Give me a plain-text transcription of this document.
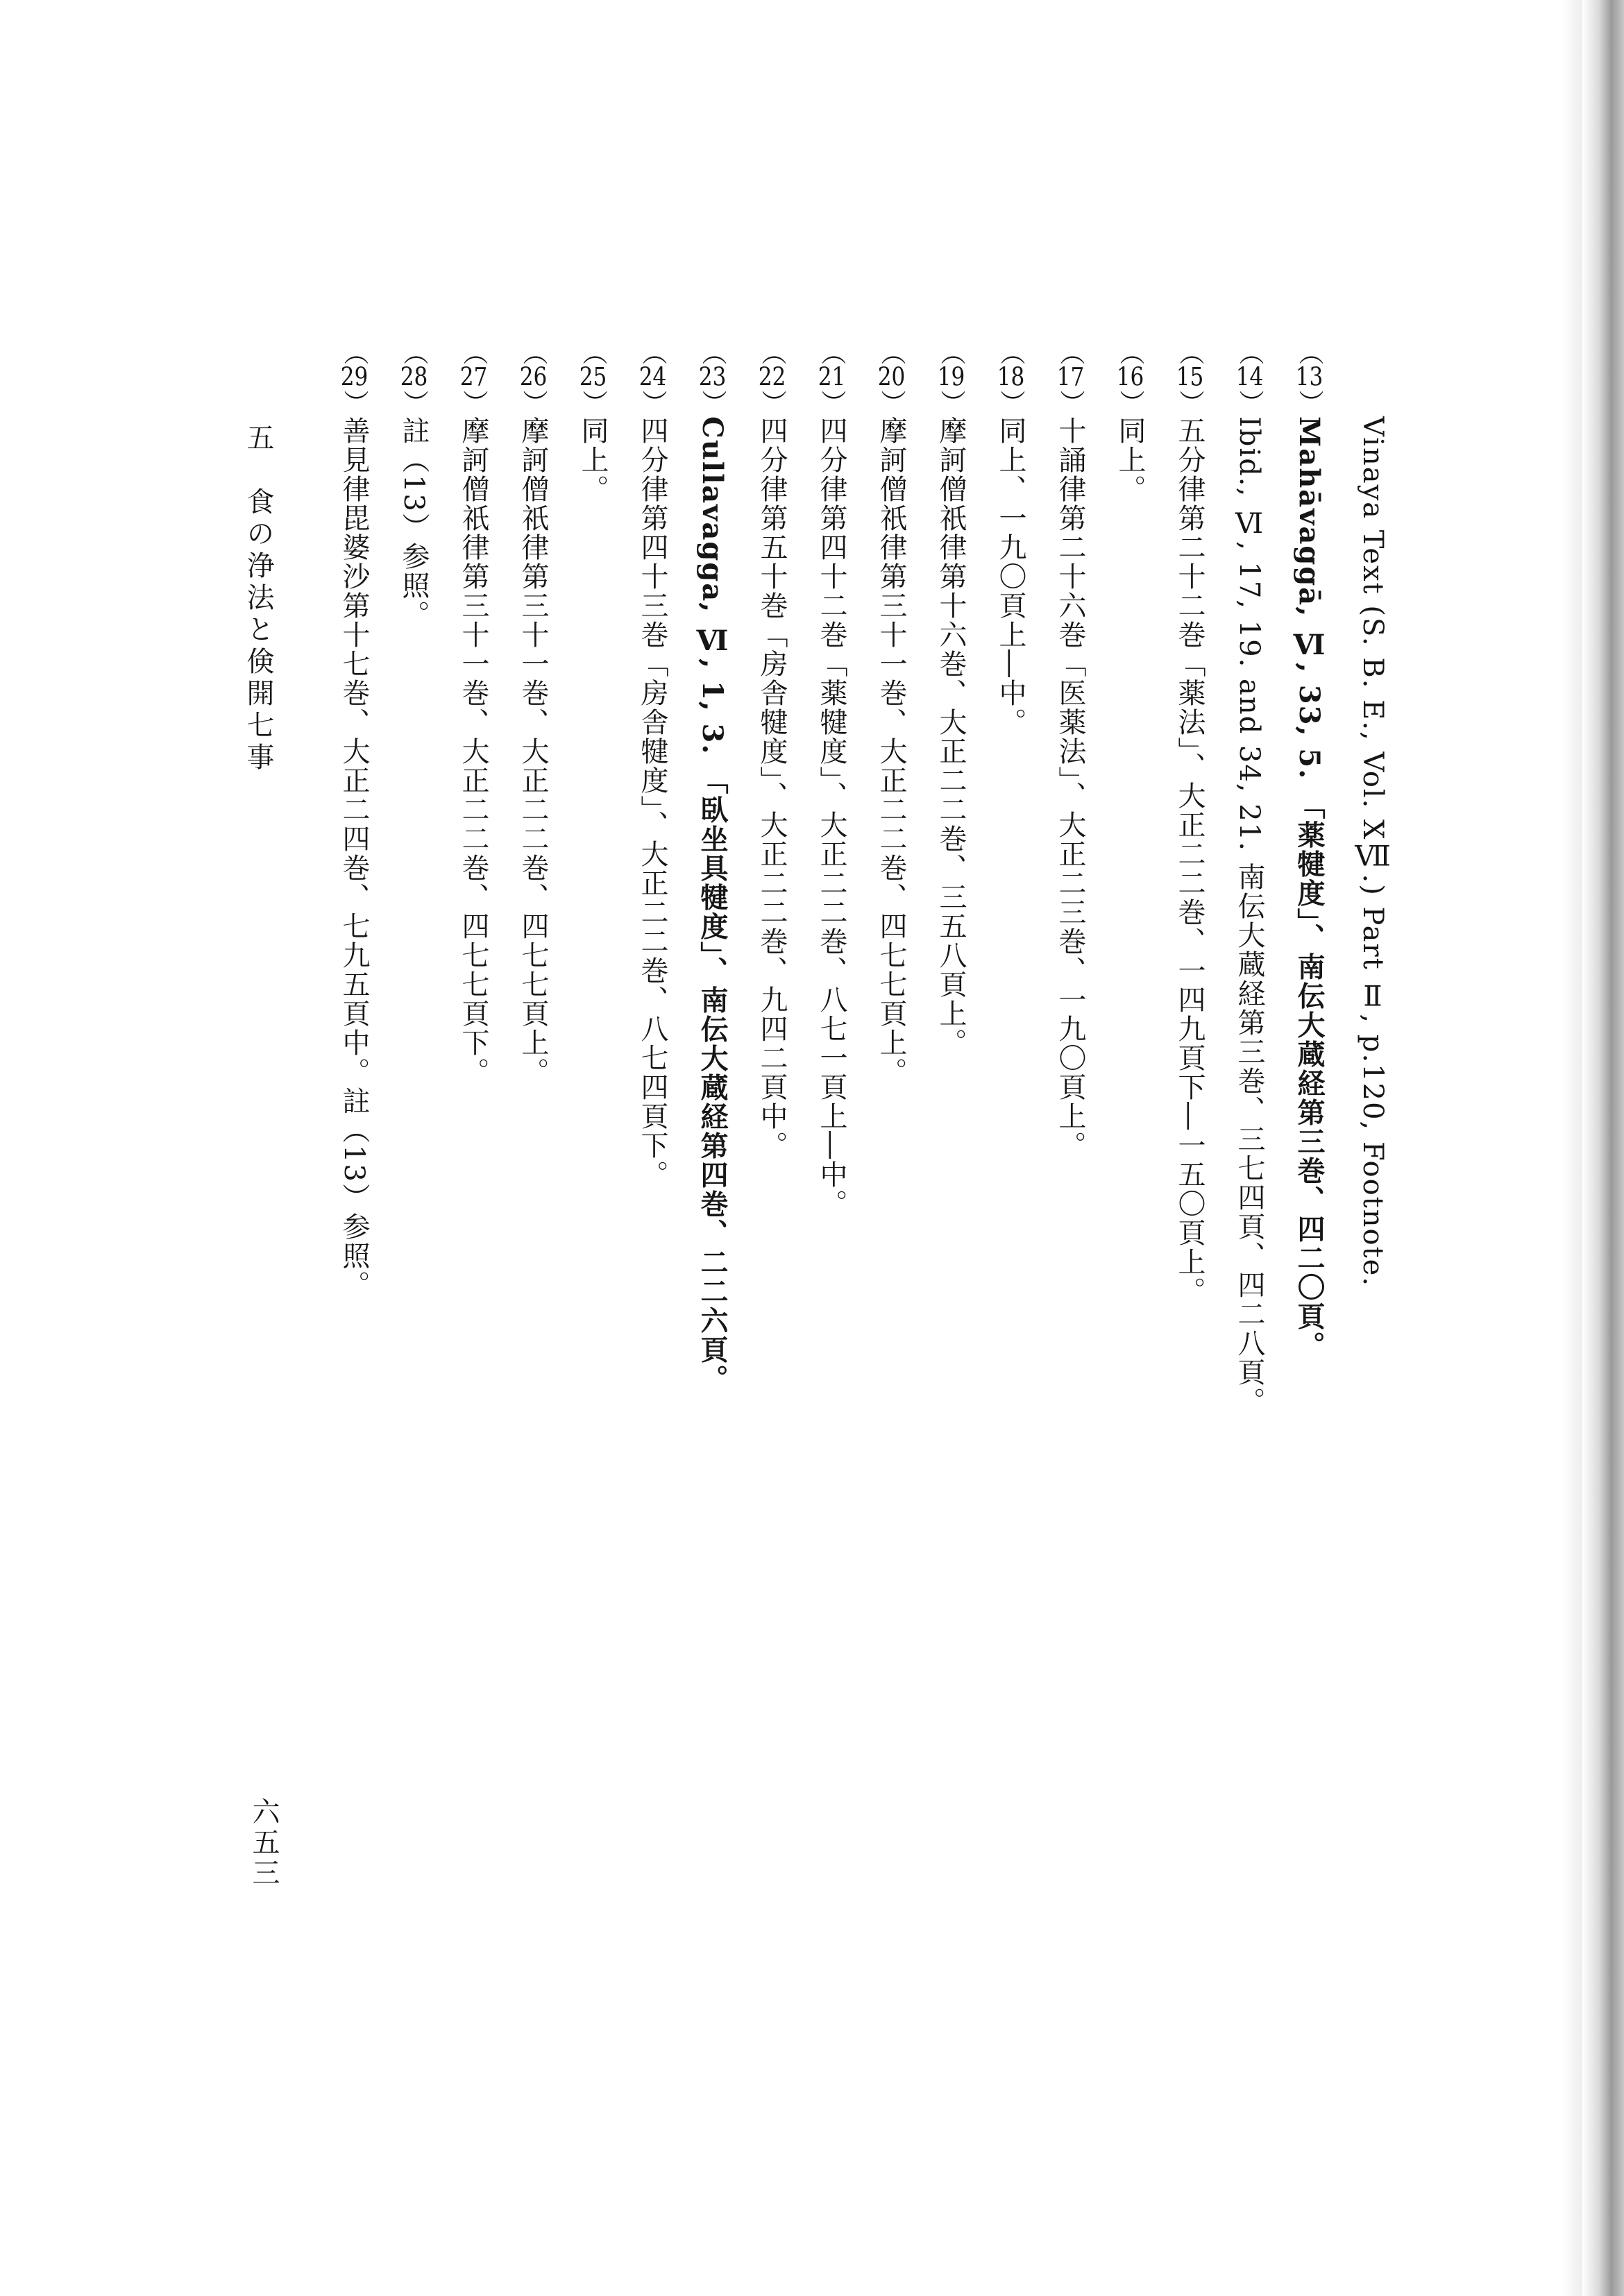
Vinaya Text (S. B. E., Vol. XⅦ.) Part Ⅱ, p.120, Footnote.
（13）
Mahāvaggā, Ⅵ, 33, 5. 「薬犍度」、南伝大蔵経第三巻、四二〇頁。
（14）
Ibid., Ⅵ, 17, 19. and 34, 21. 南伝大蔵経第三巻、三七四頁、四二八頁。
（15）
五分律第二十二巻「薬法」、大正二二巻、一四九頁下―一五〇頁上。
（16）
同上。
（17）
十誦律第二十六巻「医薬法」、大正二三巻、一九〇頁上。
（18）
同上、一九〇頁上―中。
（19）
摩訶僧祇律第十六巻、大正二二巻、三五八頁上。
（20）
摩訶僧祇律第三十一巻、大正二二巻、四七七頁上。
（21）
四分律第四十二巻「薬犍度」、大正二二巻、八七一頁上―中。
（22）
四分律第五十巻「房舎犍度」、大正二二巻、九四二頁中。
（23）
Cullavagga, Ⅵ, 1, 3. 「臥坐具犍度」、南伝大蔵経第四巻、二二六頁。
（24）
四分律第四十三巻「房舎犍度」、大正二二巻、八七四頁下。
（25）
同上。
（26）
摩訶僧祇律第三十一巻、大正二二巻、四七七頁上。
（27）
摩訶僧祇律第三十一巻、大正二二巻、四七七頁下。
（28）
註（13）参照。
（29）
善見律毘婆沙第十七巻、大正二四巻、七九五頁中。註（13）参照。
五　食の浄法と倹開七事
六五三
